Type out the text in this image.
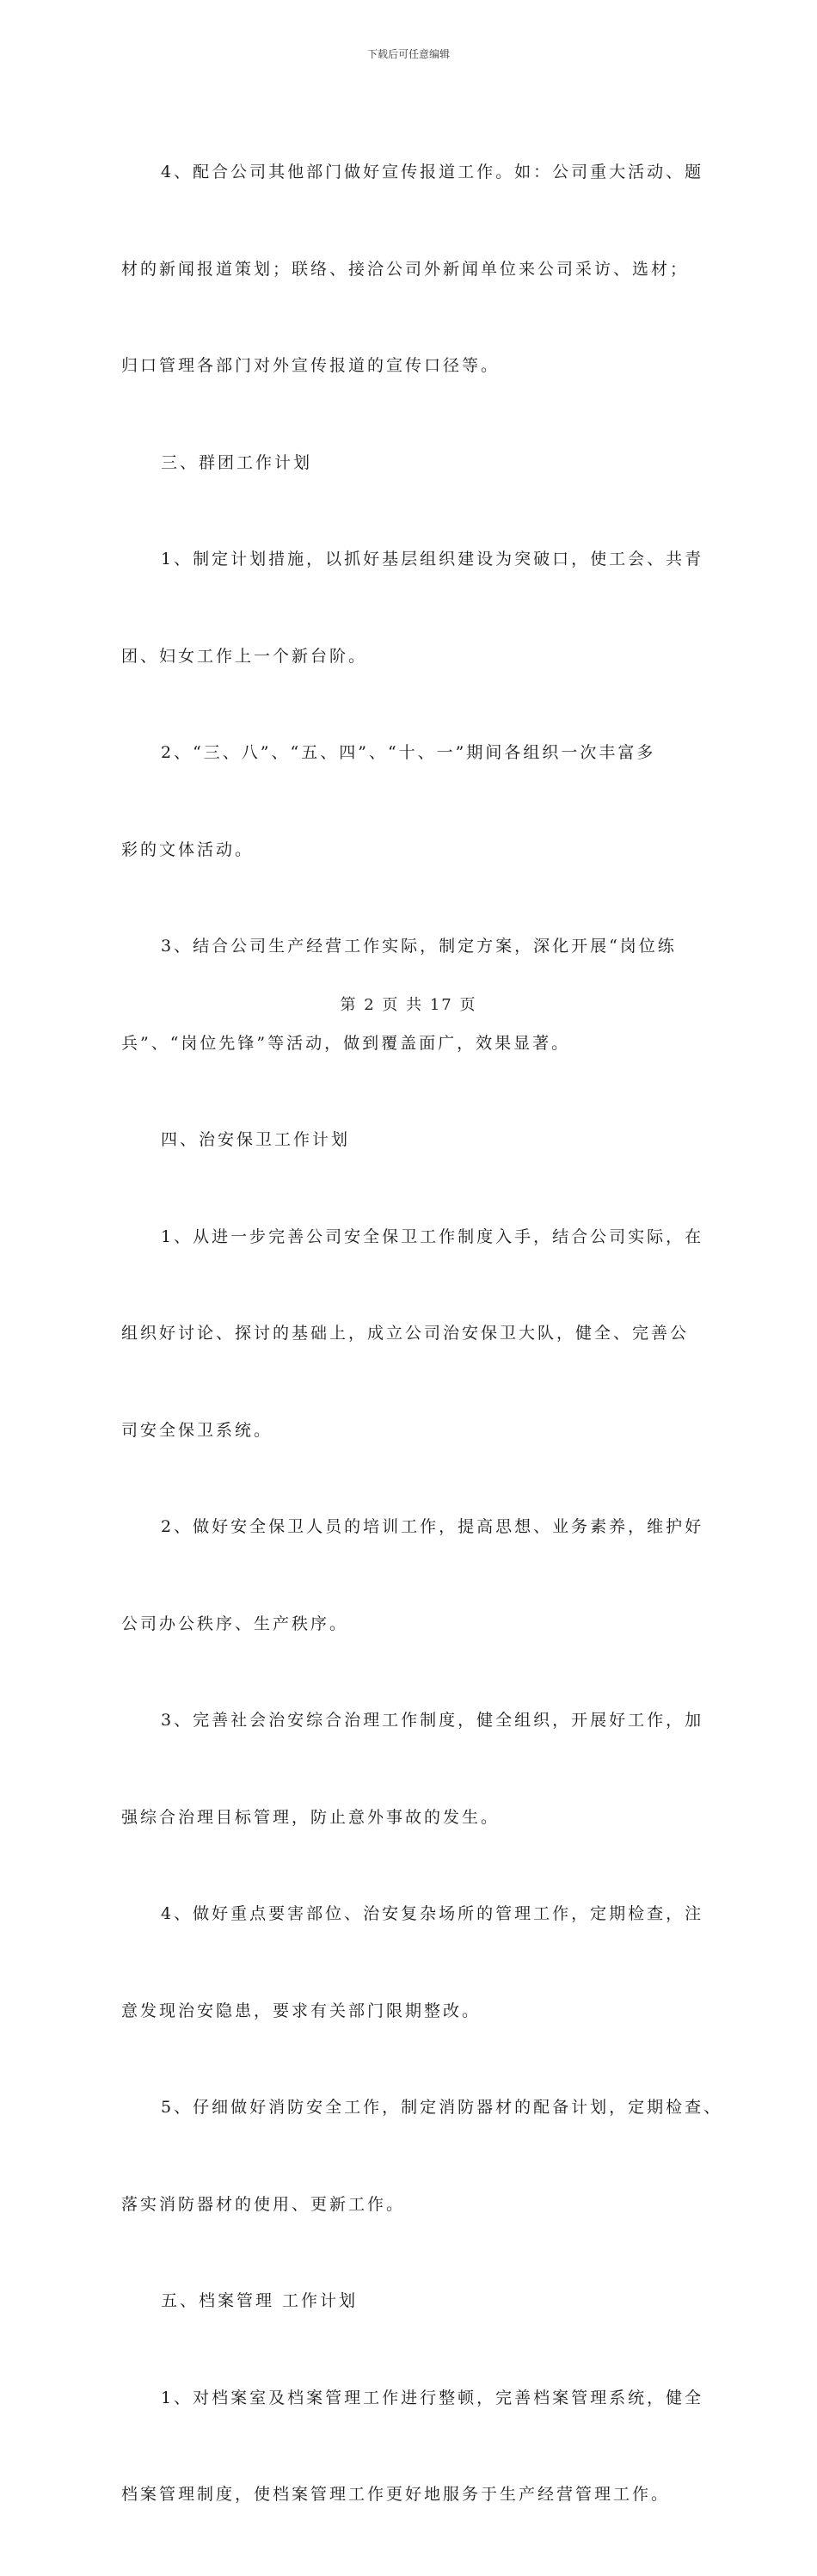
下载后可任意编辑

4、配合公司其他部门做好宣传报道工作。如：公司重大活动、题

材的新闻报道策划；联络、接洽公司外新闻单位来公司采访、选材；

归口管理各部门对外宣传报道的宣传口径等。

三、群团工作计划

1、制定计划措施，以抓好基层组织建设为突破口，使工会、共青

团、妇女工作上一个新台阶。

2、“三、八”、“五、四”、“十、一”期间各组织一次丰富多

彩的文体活动。

3、结合公司生产经营工作实际，制定方案，深化开展“岗位练

兵”、“岗位先锋”等活动，做到覆盖面广，效果显著。

四、治安保卫工作计划

1、从进一步完善公司安全保卫工作制度入手，结合公司实际，在

组织好讨论、探讨的基础上，成立公司治安保卫大队，健全、完善公

司安全保卫系统。

2、做好安全保卫人员的培训工作，提高思想、业务素养，维护好

公司办公秩序、生产秩序。

3、完善社会治安综合治理工作制度，健全组织，开展好工作，加

强综合治理目标管理，防止意外事故的发生。

4、做好重点要害部位、治安复杂场所的管理工作，定期检查，注

意发现治安隐患，要求有关部门限期整改。

5、仔细做好消防安全工作，制定消防器材的配备计划，定期检查、

落实消防器材的使用、更新工作。

五、档案管理 工作计划

1、对档案室及档案管理工作进行整顿，完善档案管理系统，健全

档案管理制度，使档案管理工作更好地服务于生产经营管理工作。

第 2 页 共 17 页
